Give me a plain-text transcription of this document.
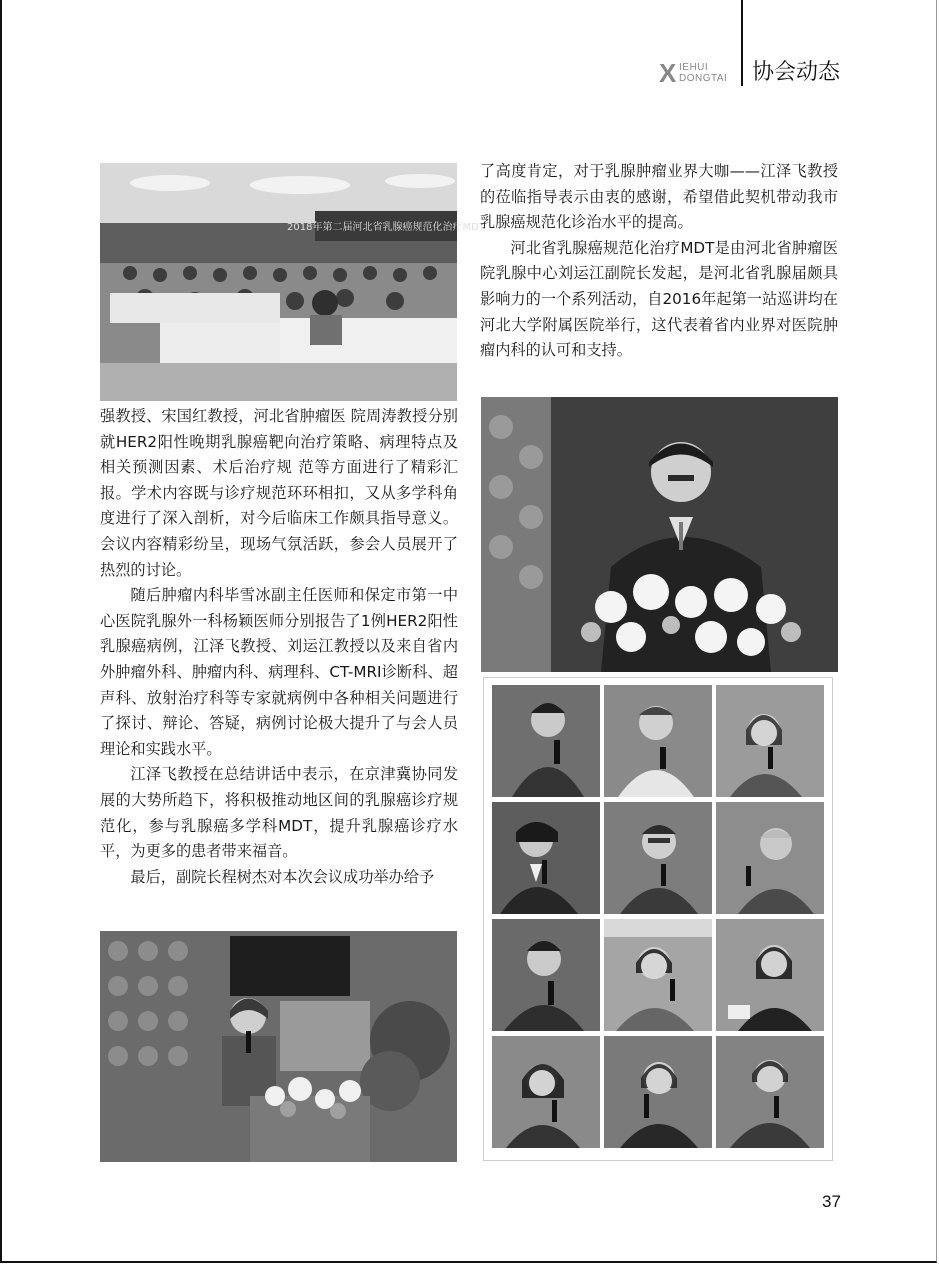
X IEHUI
DONGTAI 协会动态
2018年第二届河北省乳腺癌规范化治疗MDT

强教授、宋国红教授，河北省肿瘤医 院周涛教授分别就HER2阳性晚期乳腺癌靶向治疗策略、病理特点及相关预测因素、术后治疗规 范等方面进行了精彩汇报。学术内容既与诊疗规范环环相扣，又从多学科角度进行了深入剖析，对今后临床工作颇具指导意义。会议内容精彩纷呈，现场气氛活跃，参会人员展开了热烈的讨论。

随后肿瘤内科毕雪冰副主任医师和保定市第一中心医院乳腺外一科杨颖医师分别报告了1例HER2阳性乳腺癌病例，江泽飞教授、刘运江教授以及来自省内外肿瘤外科、肿瘤内科、病理科、CT-MRI诊断科、超声科、放射治疗科等专家就病例中各种相关问题进行了探讨、辩论、答疑，病例讨论极大提升了与会人员理论和实践水平。

江泽飞教授在总结讲话中表示，在京津冀协同发展的大势所趋下，将积极推动地区间的乳腺癌诊疗规范化，参与乳腺癌多学科MDT，提升乳腺癌诊疗水平，为更多的患者带来福音。

最后，副院长程树杰对本次会议成功举办给予

了高度肯定，对于乳腺肿瘤业界大咖——江泽飞教授的莅临指导表示由衷的感谢，希望借此契机带动我市乳腺癌规范化诊治水平的提高。

河北省乳腺癌规范化治疗MDT是由河北省肿瘤医院乳腺中心刘运江副院长发起，是河北省乳腺届颇具影响力的一个系列活动，自2016年起第一站巡讲均在河北大学附属医院举行，这代表着省内业界对医院肿瘤内科的认可和支持。

37
